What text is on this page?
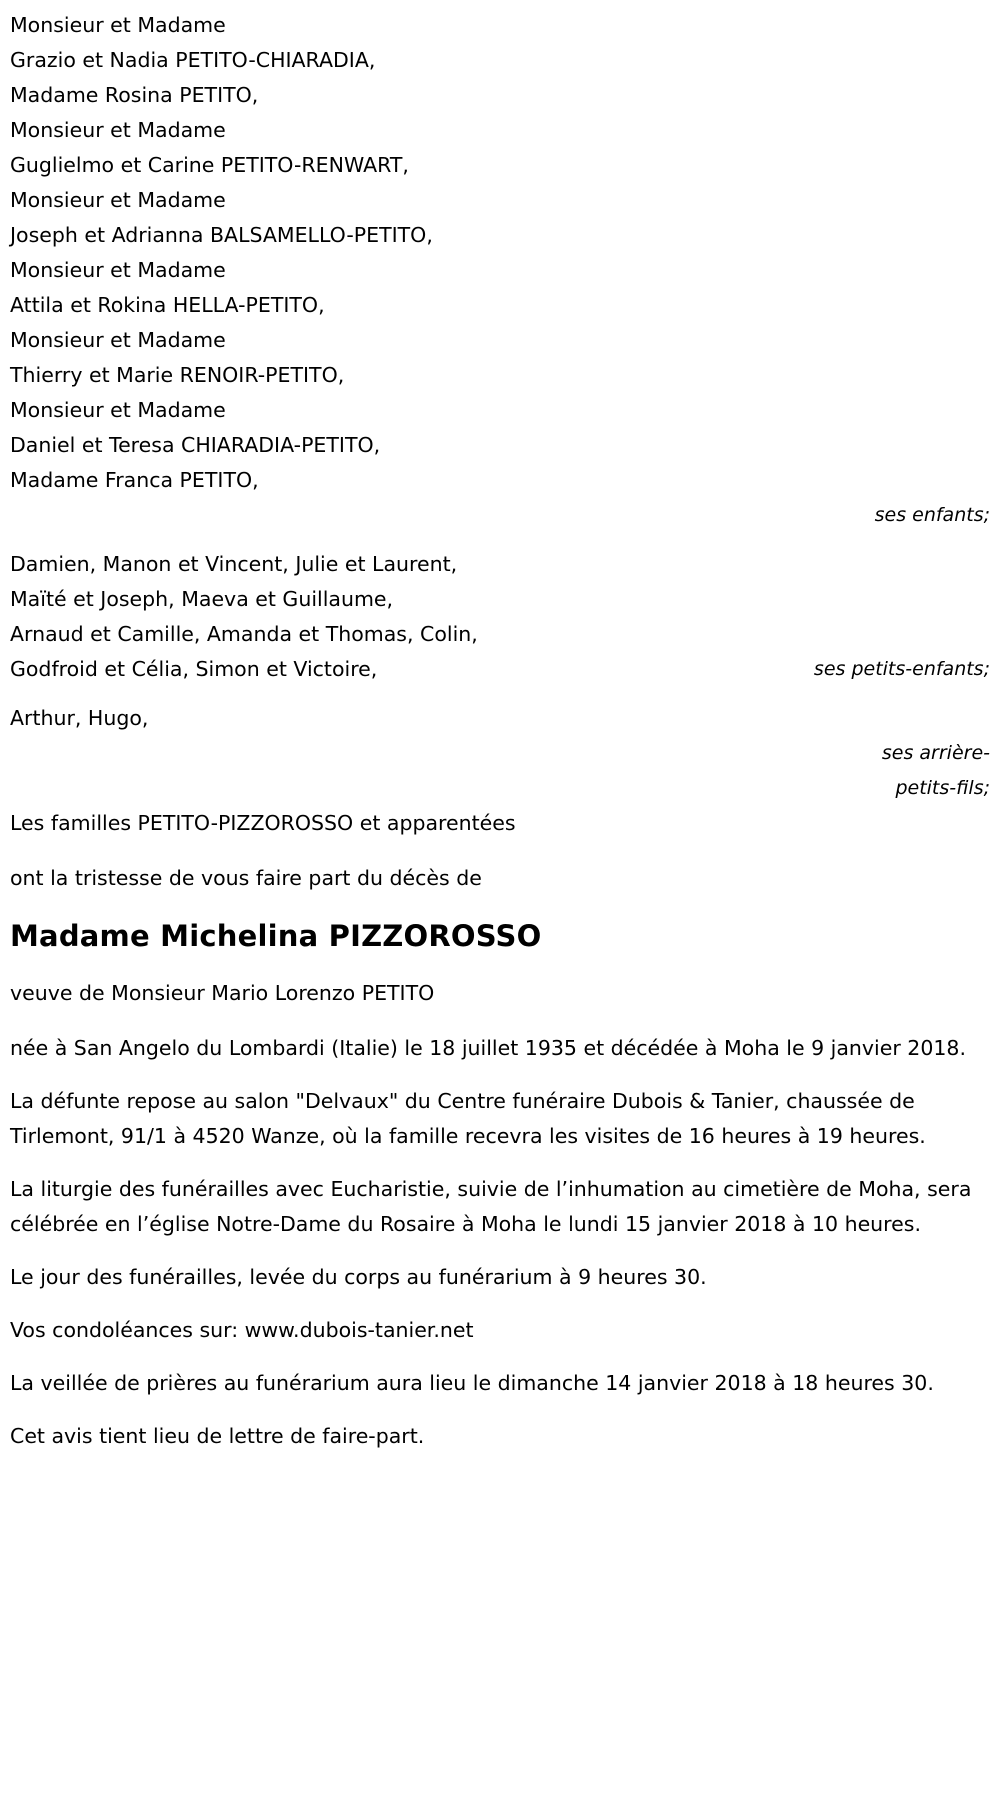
Monsieur et Madame
Grazio et Nadia PETITO-CHIARADIA,
Madame Rosina PETITO,
Monsieur et Madame
Guglielmo et Carine PETITO-RENWART,
Monsieur et Madame
Joseph et Adrianna BALSAMELLO-PETITO,
Monsieur et Madame
Attila et Rokina HELLA-PETITO,
Monsieur et Madame
Thierry et Marie RENOIR-PETITO,
Monsieur et Madame
Daniel et Teresa CHIARADIA-PETITO,
Madame Franca PETITO,
ses enfants;
Damien, Manon et Vincent, Julie et Laurent,
Maïté et Joseph, Maeva et Guillaume,
Arnaud et Camille, Amanda et Thomas, Colin,
Godfroid et Célia, Simon et Victoire,	ses petits-enfants;
Arthur, Hugo,
ses arrière-
petits-fils;
Les familles PETITO-PIZZOROSSO et apparentées
ont la tristesse de vous faire part du décès de
Madame Michelina PIZZOROSSO
veuve de Monsieur Mario Lorenzo PETITO
née à San Angelo du Lombardi (Italie) le 18 juillet 1935 et décédée à Moha le 9 janvier 2018.
La défunte repose au salon "Delvaux" du Centre funéraire Dubois & Tanier, chaussée de Tirlemont, 91/1 à 4520 Wanze, où la famille recevra les visites de 16 heures à 19 heures.
La liturgie des funérailles avec Eucharistie, suivie de l’inhumation au cimetière de Moha, sera célébrée en l’église Notre-Dame du Rosaire à Moha le lundi 15 janvier 2018 à 10 heures.
Le jour des funérailles, levée du corps au funérarium à 9 heures 30.
Vos condoléances sur: www.dubois-tanier.net
La veillée de prières au funérarium aura lieu le dimanche 14 janvier 2018 à 18 heures 30.
Cet avis tient lieu de lettre de faire-part.
